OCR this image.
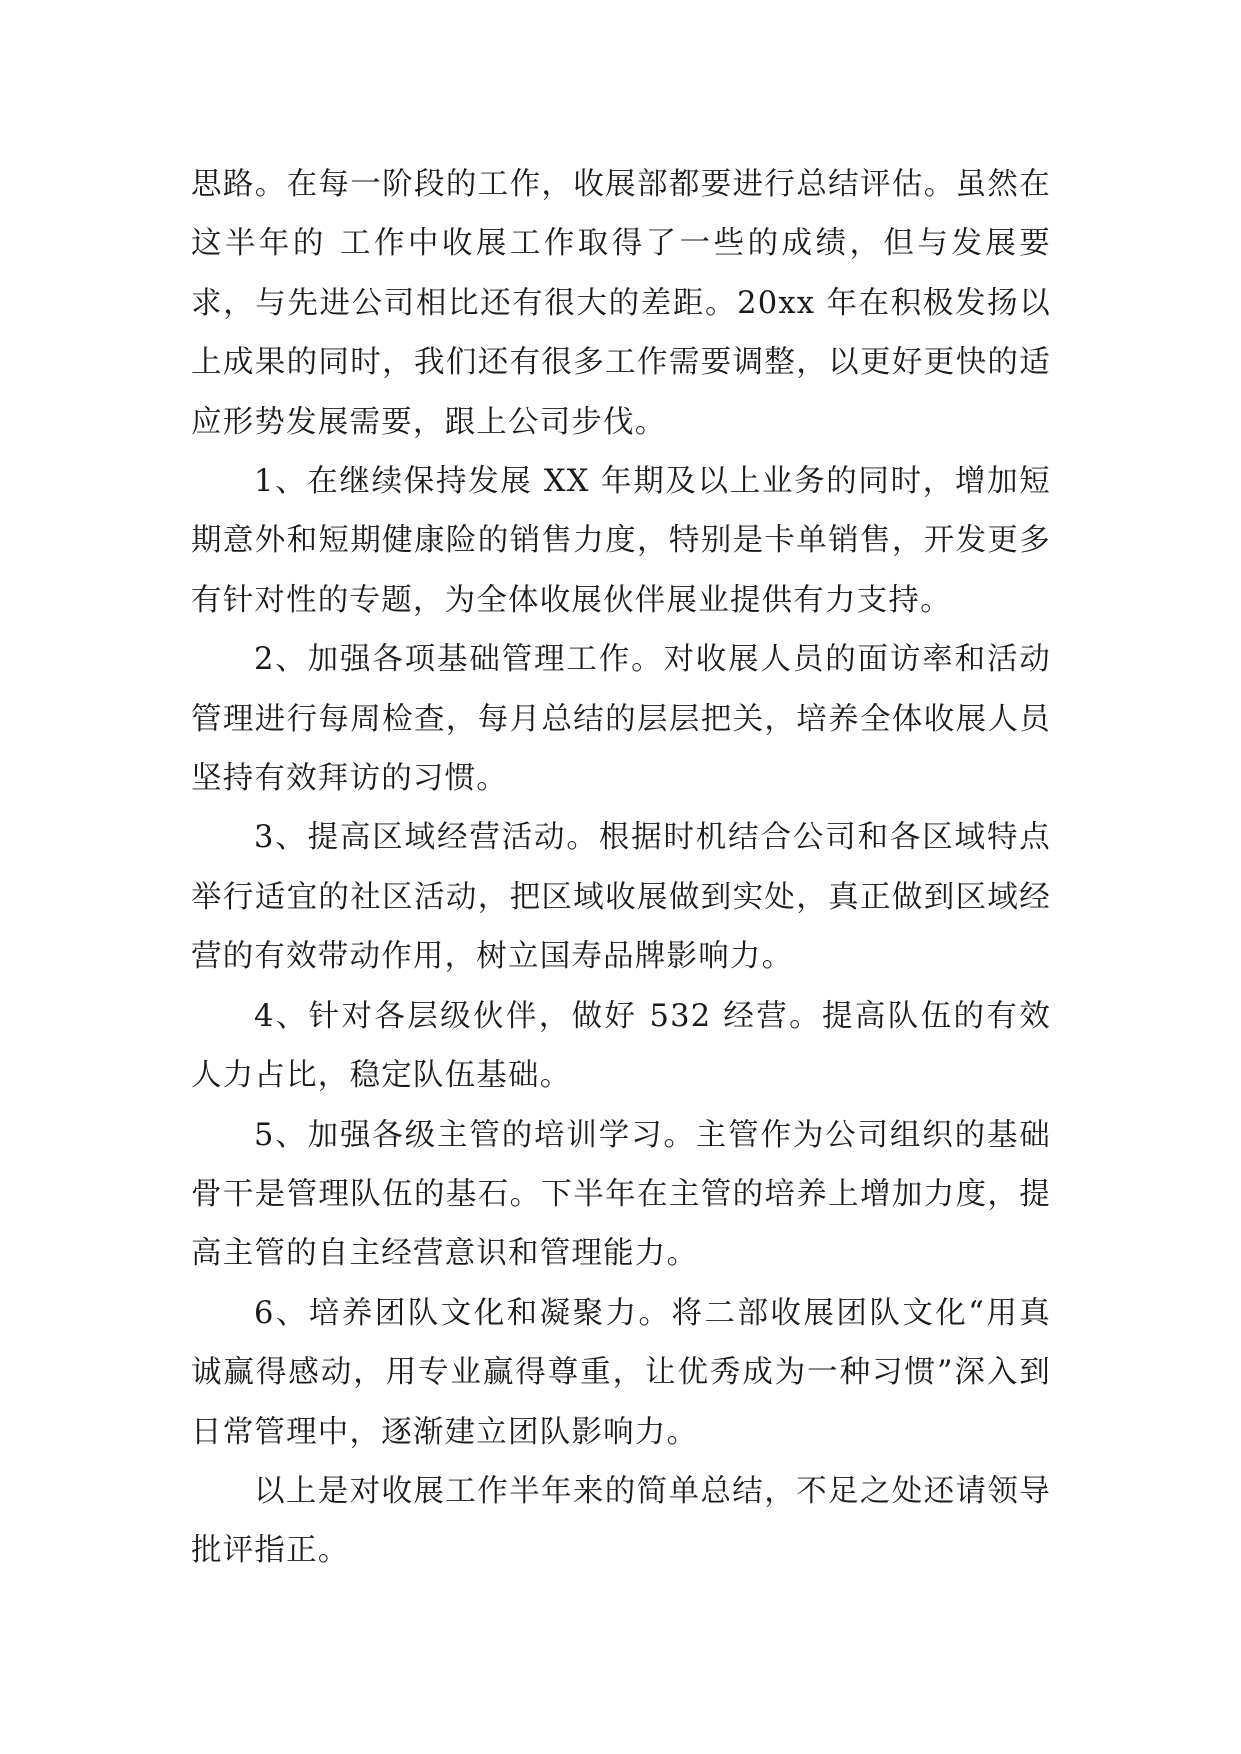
思路。在每一阶段的工作，收展部都要进行总结评估。虽然在这半年的 工作中收展工作取得了一些的成绩，但与发展要求，与先进公司相比还有很大的差距。20xx 年在积极发扬以上成果的同时，我们还有很多工作需要调整，以更好更快的适应形势发展需要，跟上公司步伐。

1、在继续保持发展 XX 年期及以上业务的同时，增加短期意外和短期健康险的销售力度，特别是卡单销售，开发更多有针对性的专题，为全体收展伙伴展业提供有力支持。

2、加强各项基础管理工作。对收展人员的面访率和活动管理进行每周检查，每月总结的层层把关，培养全体收展人员坚持有效拜访的习惯。

3、提高区域经营活动。根据时机结合公司和各区域特点举行适宜的社区活动，把区域收展做到实处，真正做到区域经营的有效带动作用，树立国寿品牌影响力。

4、针对各层级伙伴，做好 532 经营。提高队伍的有效人力占比，稳定队伍基础。

5、加强各级主管的培训学习。主管作为公司组织的基础骨干是管理队伍的基石。下半年在主管的培养上增加力度，提高主管的自主经营意识和管理能力。

6、培养团队文化和凝聚力。将二部收展团队文化“用真诚赢得感动，用专业赢得尊重，让优秀成为一种习惯”深入到日常管理中，逐渐建立团队影响力。

以上是对收展工作半年来的简单总结，不足之处还请领导批评指正。
